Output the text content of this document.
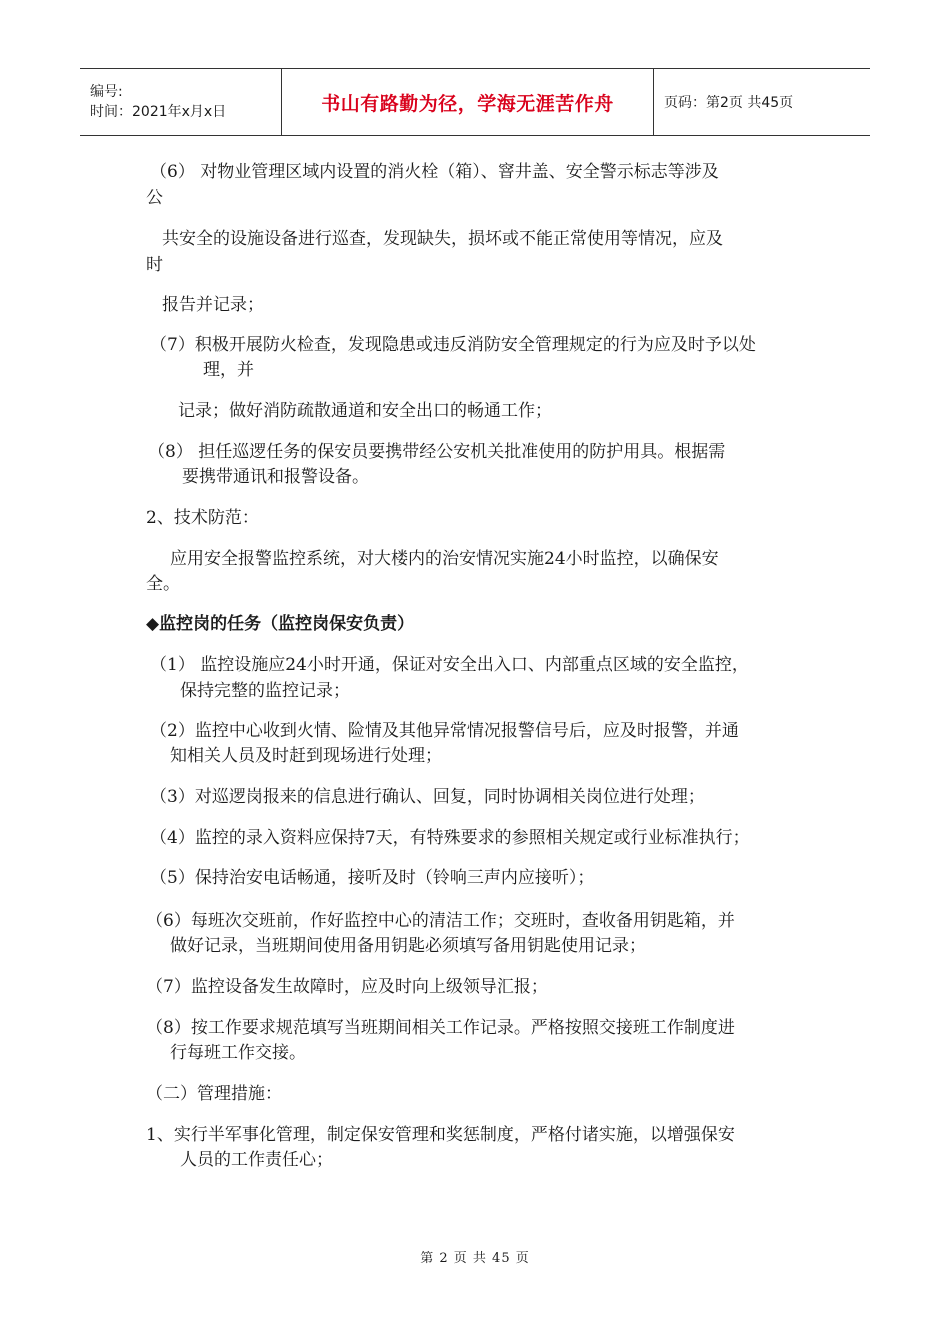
编号:
时间：2021年x月x日	书山有路勤为径，学海无涯苦作舟	页码：第2页 共45页
（6） 对物业管理区域内设置的消火栓（箱）、窨井盖、安全警示标志等涉及
公
共安全的设施设备进行巡查，发现缺失，损坏或不能正常使用等情况，应及
时
报告并记录；
（7）积极开展防火检查，发现隐患或违反消防安全管理规定的行为应及时予以处
理，并
记录；做好消防疏散通道和安全出口的畅通工作；
（8） 担任巡逻任务的保安员要携带经公安机关批准使用的防护用具。根据需
要携带通讯和报警设备。
2、技术防范：
应用安全报警监控系统，对大楼内的治安情况实施24小时监控，以确保安
全。
◆监控岗的任务（监控岗保安负责）
（1） 监控设施应24小时开通，保证对安全出入口、内部重点区域的安全监控，
保持完整的监控记录；
（2）监控中心收到火情、险情及其他异常情况报警信号后，应及时报警，并通
知相关人员及时赶到现场进行处理；
（3）对巡逻岗报来的信息进行确认、回复，同时协调相关岗位进行处理；
（4）监控的录入资料应保持7天，有特殊要求的参照相关规定或行业标准执行；
（5）保持治安电话畅通，接听及时（铃响三声内应接听）；
（6）每班次交班前，作好监控中心的清洁工作；交班时，查收备用钥匙箱，并
做好记录，当班期间使用备用钥匙必须填写备用钥匙使用记录；
（7）监控设备发生故障时，应及时向上级领导汇报；
（8）按工作要求规范填写当班期间相关工作记录。严格按照交接班工作制度进
行每班工作交接。
（二）管理措施：
1、实行半军事化管理，制定保安管理和奖惩制度，严格付诸实施，以增强保安
人员的工作责任心；
第 2 页 共 45 页
